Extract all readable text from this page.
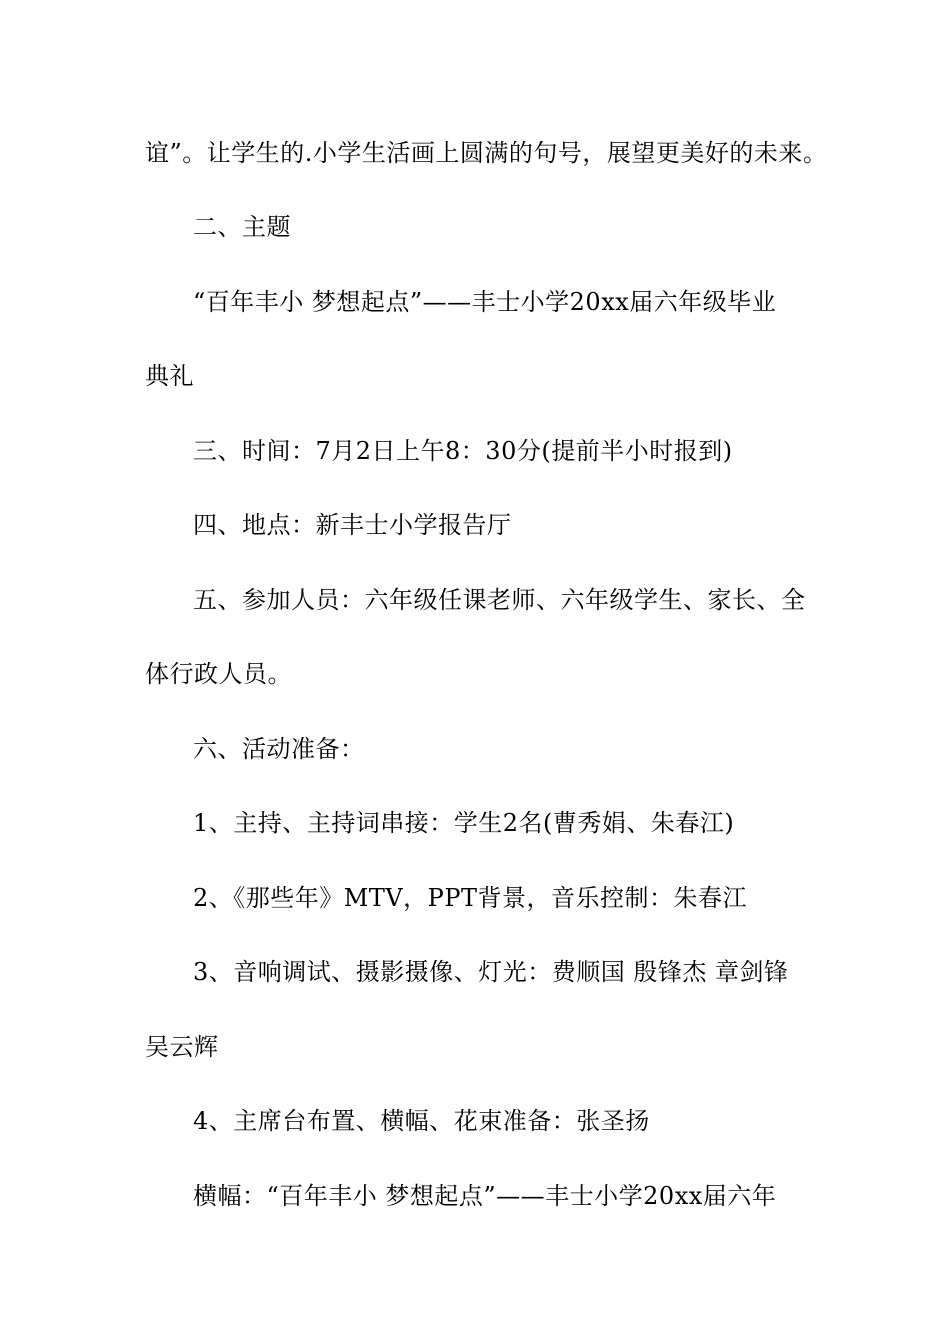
谊”。让学生的.小学生活画上圆满的句号，展望更美好的未来。
二、主题
“百年丰小 梦想起点”——丰士小学20xx届六年级毕业
典礼
三、时间：7月2日上午8：30分(提前半小时报到)
四、地点：新丰士小学报告厅
五、参加人员：六年级任课老师、六年级学生、家长、全
体行政人员。
六、活动准备：
1、主持、主持词串接：学生2名(曹秀娟、朱春江)
2、《那些年》MTV，PPT背景，音乐控制：朱春江
3、音响调试、摄影摄像、灯光：费顺国 殷锋杰 章剑锋
吴云辉
4、主席台布置、横幅、花束准备：张圣扬
横幅：“百年丰小 梦想起点”——丰士小学20xx届六年
